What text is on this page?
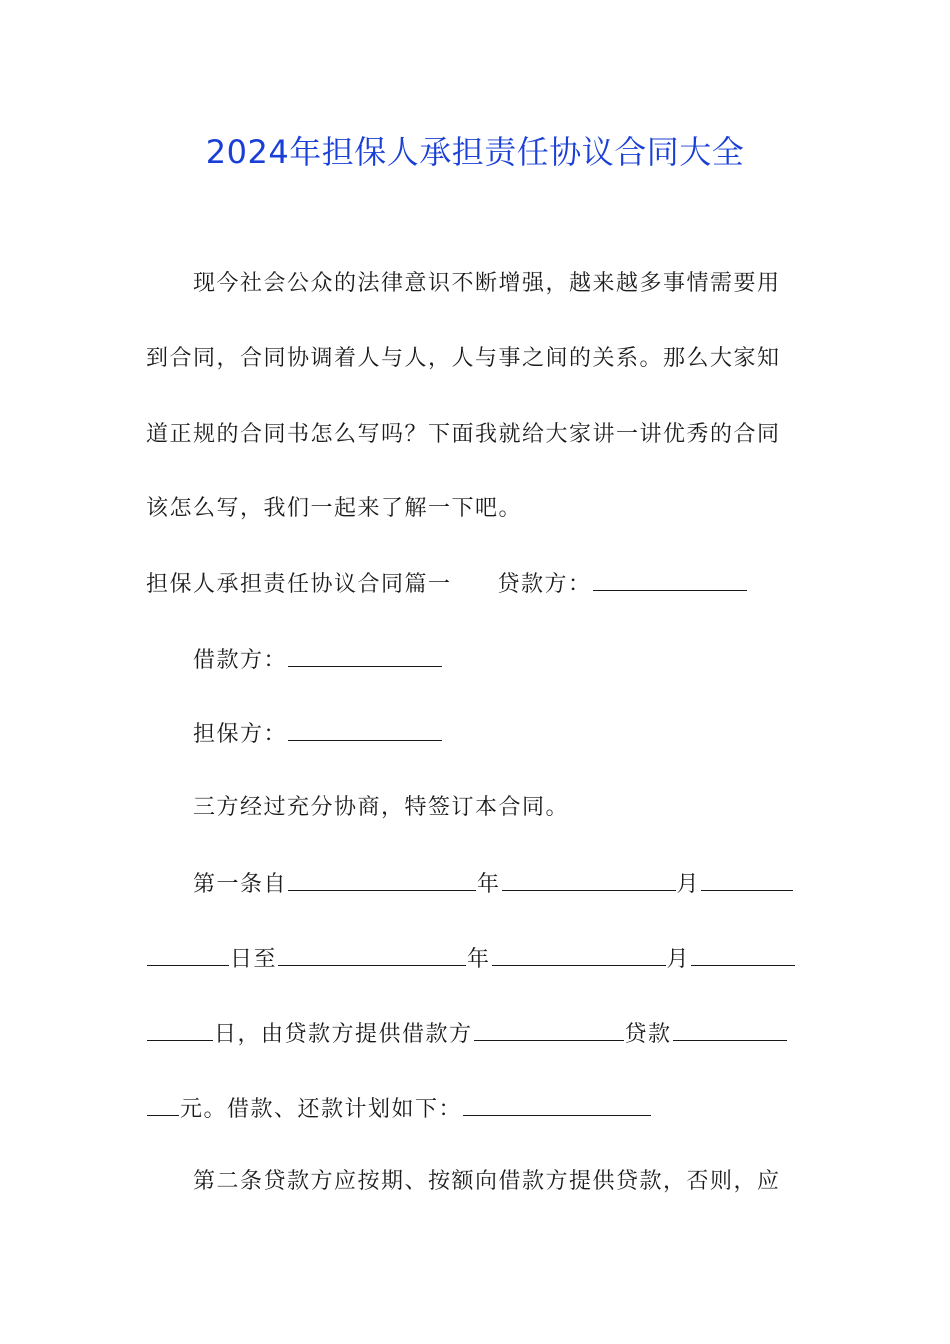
2024年担保人承担责任协议合同大全
现今社会公众的法律意识不断增强，越来越多事情需要用
到合同，合同协调着人与人，人与事之间的关系。那么大家知
道正规的合同书怎么写吗？下面我就给大家讲一讲优秀的合同
该怎么写，我们一起来了解一下吧。
担保人承担责任协议合同篇一 贷款方：
借款方：
担保方：
三方经过充分协商，特签订本合同。
第一条自	年	月
日至	年	月
日，由贷款方提供借款方	贷款
元。借款、还款计划如下：
第二条贷款方应按期、按额向借款方提供贷款，否则，应
